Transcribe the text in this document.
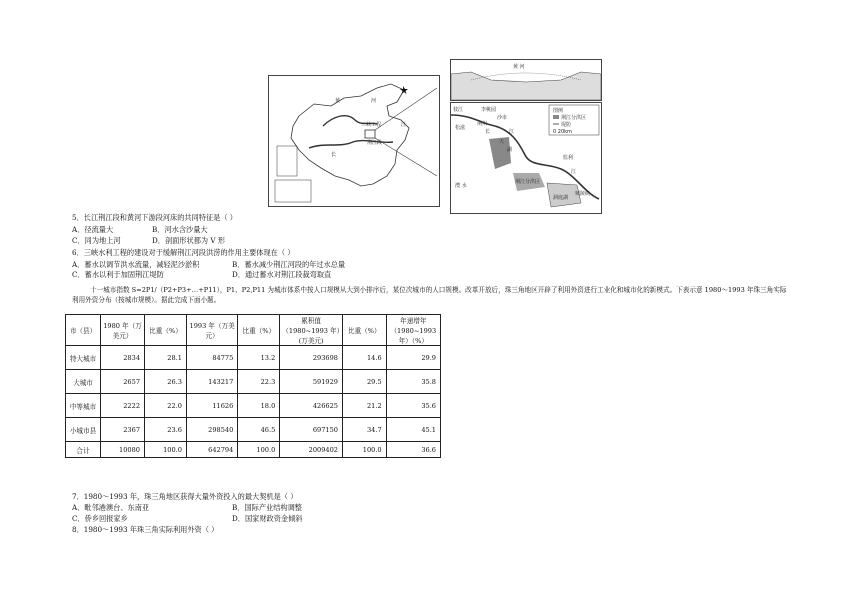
黄	河
江
长
三峡工程
荆江段
黄 河
图例
荆江分洪区
堤防
0 20km
枝江	李桃园
沙市
荆州
松滋
长	江
大
湖
监利
江
洞庭湖
澧 水
荆江分洪区
城陵矶
5．长江荆江段和黄河下游段河床的共同特征是（ ）
A．径流量大	B．河水含沙量大
C．同为地上河	D．剖面形状都为 V 形
6．三峡水利工程的建设对于缓解荆江河段洪涝的作用主要体现在（ ）
A．蓄水以调节洪水流量，减轻泥沙淤积	B．蓄水减少荆江河段的年过水总量
C．蓄水以利于加固荆江堤防	D．通过蓄水对荆江段裁弯取直
十一城市指数 S=2P1/（P2+P3+…+P11），P1、P2,P11 为城市体系中按人口规模从大到小排序后，某位次城市的人口规模。改革开放后，珠三角地区开辟了利用外资进行工业化和城市化的新模式。下表示意 1980～1993 年珠三角实际利用外资分布（按城市规模）。据此完成下面小题。
市（县）	1980 年（万美元）	比重（%）	1993 年（万美元）	比重（%）	累积值（1980~1993 年）(万美元)	比重（%）	年递增年（1980~1993年）（%）
特大城市	2834	28.1	84775	13.2	293698	14.6	29.9
大城市	2657	26.3	143217	22.3	591929	29.5	35.8
中等城市	2222	22.0	11626	18.0	426625	21.2	35.6
小城市县	2367	23.6	298540	46.5	697150	34.7	45.1
合计	10080	100.0	642794	100.0	2009402	100.0	36.6
7．1980～1993 年，珠三角地区获得大量外资投入的最大契机是（ ）
A．毗邻港澳台、东南亚	B．国际产业结构调整
C．侨乡回报家乡	D．国家财政资金倾斜
8．1980～1993 年珠三角实际利用外资（ ）
